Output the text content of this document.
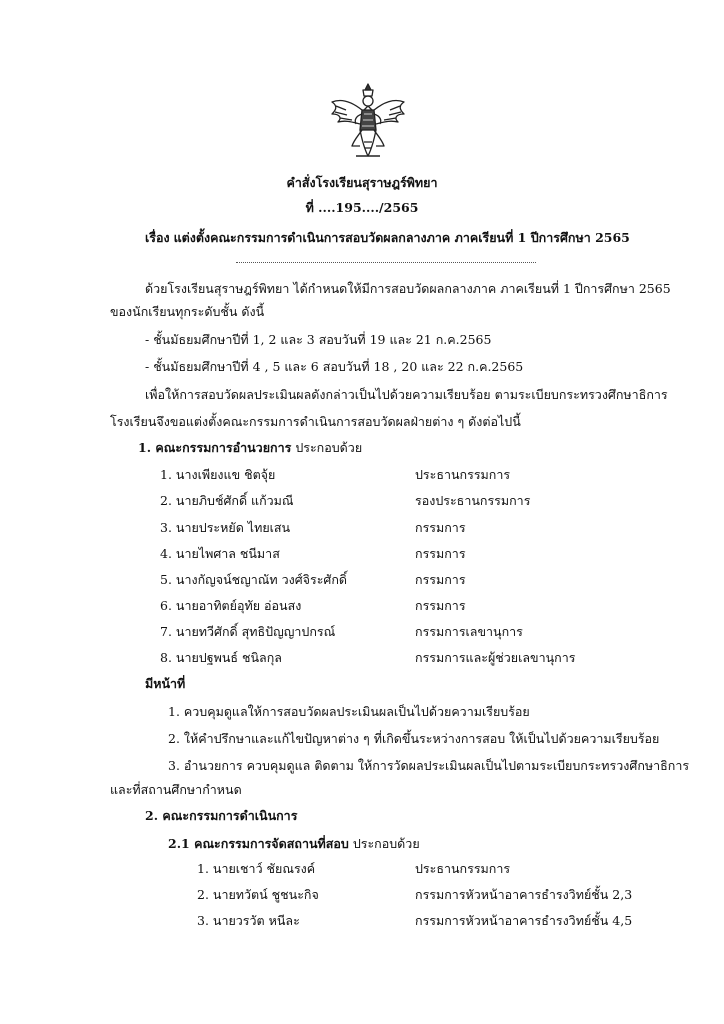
คำสั่งโรงเรียนสุราษฎร์พิทยา
ที่ ....195..../2565
เรื่อง แต่งตั้งคณะกรรมการดำเนินการสอบวัดผลกลางภาค ภาคเรียนที่ 1 ปีการศึกษา 2565
ด้วยโรงเรียนสุราษฎร์พิทยา ได้กำหนดให้มีการสอบวัดผลกลางภาค ภาคเรียนที่ 1 ปีการศึกษา 2565
ของนักเรียนทุกระดับชั้น ดังนี้
- ชั้นมัธยมศึกษาปีที่ 1, 2 และ 3 สอบวันที่ 19 และ 21 ก.ค.2565
- ชั้นมัธยมศึกษาปีที่ 4 , 5 และ 6 สอบวันที่ 18 , 20 และ 22 ก.ค.2565
เพื่อให้การสอบวัดผลประเมินผลดังกล่าวเป็นไปด้วยความเรียบร้อย ตามระเบียบกระทรวงศึกษาธิการ
โรงเรียนจึงขอแต่งตั้งคณะกรรมการดำเนินการสอบวัดผลฝ่ายต่าง ๆ ดังต่อไปนี้
1. คณะกรรมการอำนวยการ ประกอบด้วย
1. นางเพียงแข ชิตจุ้ย	ประธานกรรมการ
2. นายภิบช์ศักดิ์ แก้วมณี	รองประธานกรรมการ
3. นายประหยัด ไทยเสน	กรรมการ
4. นายไพศาล ชนีมาส	กรรมการ
5. นางกัญจน์ชญาณัท วงศ์จิระศักดิ์	กรรมการ
6. นายอาทิตย์อุทัย อ่อนสง	กรรมการ
7. นายทวีศักดิ์ สุทธิปัญญาปกรณ์	กรรมการเลขานุการ
8. นายปฐพนธ์ ชนิลกุล	กรรมการและผู้ช่วยเลขานุการ
มีหน้าที่
1. ควบคุมดูแลให้การสอบวัดผลประเมินผลเป็นไปด้วยความเรียบร้อย
2. ให้คำปรึกษาและแก้ไขปัญหาต่าง ๆ ที่เกิดขึ้นระหว่างการสอบ ให้เป็นไปด้วยความเรียบร้อย
3. อำนวยการ ควบคุมดูแล ติดตาม ให้การวัดผลประเมินผลเป็นไปตามระเบียบกระทรวงศึกษาธิการ
และที่สถานศึกษากำหนด
2. คณะกรรมการดำเนินการ
2.1 คณะกรรมการจัดสถานที่สอบ ประกอบด้วย
1. นายเชาว์ ชัยณรงค์	ประธานกรรมการ
2. นายทวัตน์ ชูชนะกิจ	กรรมการหัวหน้าอาคารธำรงวิทย์ชั้น 2,3
3. นายวรวัต หนีละ	กรรมการหัวหน้าอาคารธำรงวิทย์ชั้น 4,5
